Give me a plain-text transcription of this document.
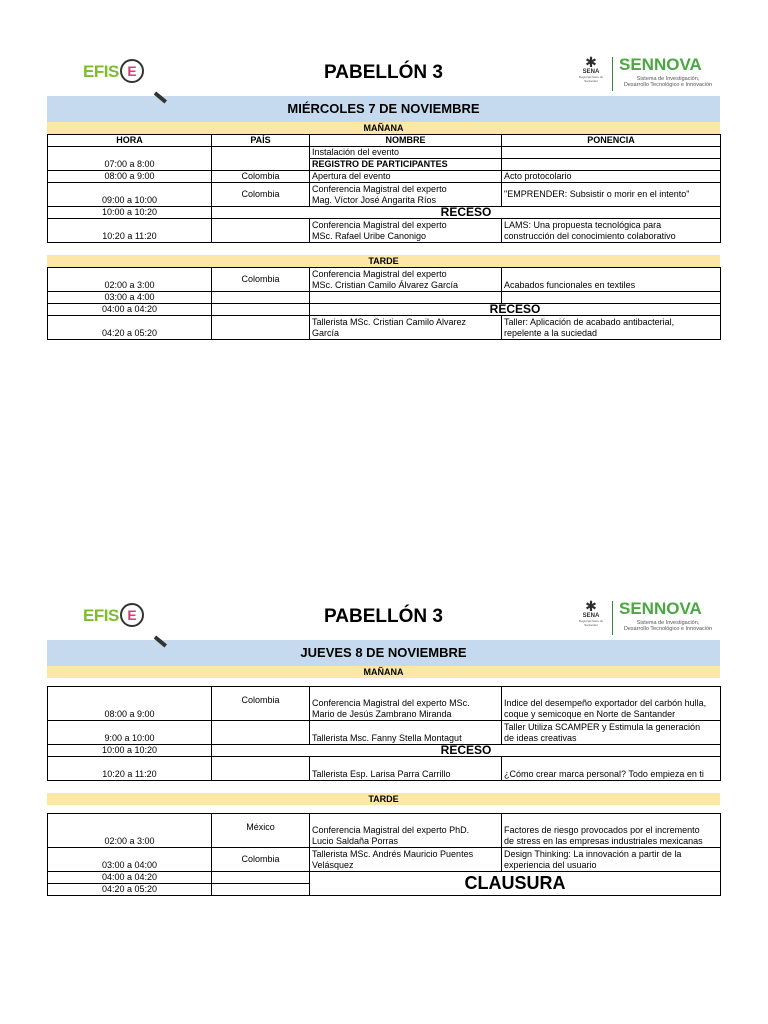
EFIS E	PABELLÓN 3	✱
SENA
Regional Norte de Santander
SENNOVA
Sistema de Investigación,
Desarrollo Tecnológico e Innovación
MIÉRCOLES 7 DE NOVIEMBRE
MAÑANA
HORA	PAÍS	NOMBRE	PONENCIA
07:00 a 8:00		Instalación del evento	
		REGISTRO DE PARTICIPANTES	
08:00 a 9:00	Colombia	Apertura del evento	Acto protocolario
09:00 a 10:00	Colombia	Conferencia Magistral del experto
Mag. Víctor José Angarita Ríos	"EMPRENDER: Subsistir o morir en el intento"
10:00 a 10:20	RECESO		
10:20 a 11:20		Conferencia Magistral del experto
MSc. Rafael Uribe Canonigo	LAMS: Una propuesta tecnológica para
construcción del conocimiento colaborativo
TARDE
02:00 a 3:00	Colombia	Conferencia Magistral del experto
MSc. Cristian Camilo Álvarez García	Acabados funcionales en textiles
03:00 a 4:00			
04:00 a 04:20		RECESO	
04:20 a 05:20		Tallerista MSc. Cristian Camilo Alvarez
García	Taller: Aplicación de acabado antibacterial,
repelente a la suciedad
EFIS E	PABELLÓN 3	✱
SENA
Regional Norte de Santander
SENNOVA
Sistema de Investigación,
Desarrollo Tecnológico e Innovación
JUEVES 8 DE NOVIEMBRE
MAÑANA
08:00 a 9:00	Colombia	Conferencia Magistral del experto MSc.
Mario de Jesús Zambrano Miranda	Indice del desempeño exportador del carbón hulla,
coque y semicoque en Norte de Santander
9:00 a 10:00		Tallerista Msc. Fanny Stella Montagut	Taller Utiliza SCAMPER y Estimula la generación
de ideas creativas
10:00 a 10:20	RECESO		
10:20 a 11:20		Tallerista Esp. Larisa Parra Carrillo	¿Cómo crear marca personal? Todo empieza en ti
TARDE
02:00 a 3:00	México	Conferencia Magistral del experto PhD.
Lucio Saldaña Porras	Factores de riesgo provocados por el incremento
de stress en las empresas industriales mexicanas
03:00 a 04:00	Colombia	Tallerista MSc. Andrés Mauricio Puentes
Velásquez	Design Thinking: La innovación a partir de la
experiencia del usuario
04:00 a 04:20		CLAUSURA	
04:20 a 05:20			
